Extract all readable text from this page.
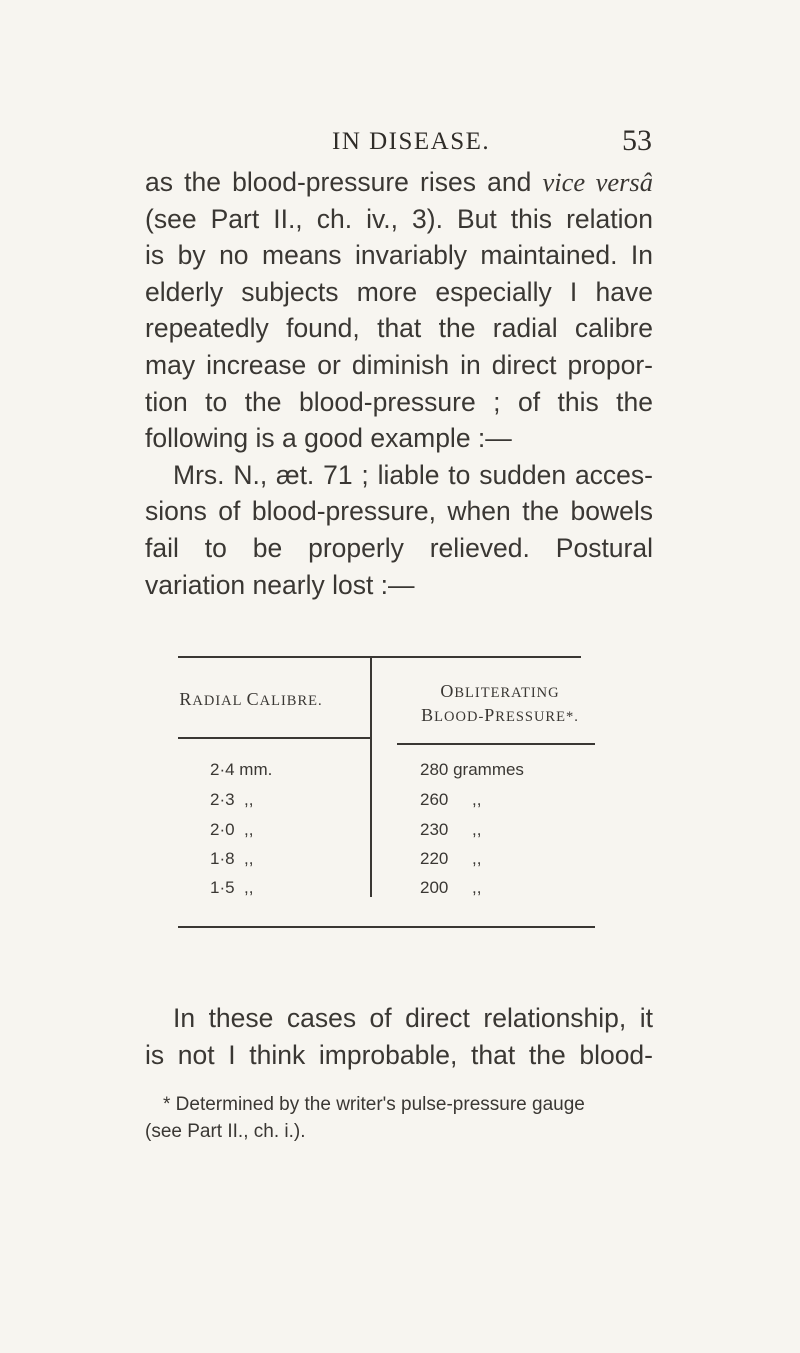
IN DISEASE.	53

as the blood-pressure rises and vice versâ

(see Part II., ch. iv., 3). But this relation

is by no means invariably maintained. In

elderly subjects more especially I have

repeatedly found, that the radial calibre

may increase or diminish in direct propor-

tion to the blood-pressure ; of this the

following is a good example :—

Mrs. N., æt. 71 ; liable to sudden acces-

sions of blood-pressure, when the bowels

fail to be properly relieved. Postural

variation nearly lost :—

RADIAL CALIBRE.	OBLITERATING
BLOOD-PRESSURE*.
2·4 mm.	280 grammes
2·3  ,,	260     ,,
2·0  ,,	230     ,,
1·8  ,,	220     ,,
1·5  ,,	200     ,,

In these cases of direct relationship, it

is not I think improbable, that the blood-

* Determined by the writer's pulse-pressure gauge

(see Part II., ch. i.).
